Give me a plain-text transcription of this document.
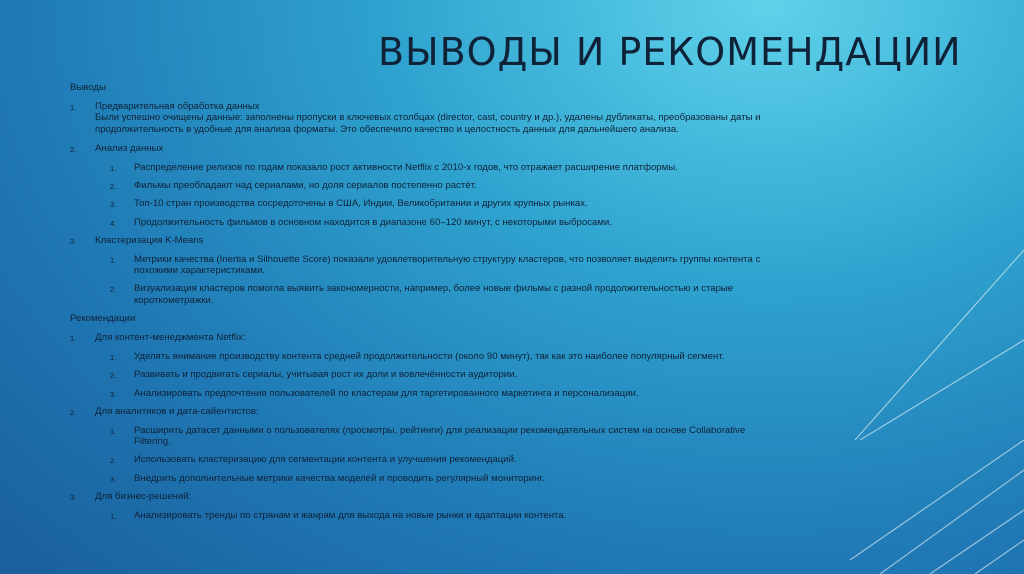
ВЫВОДЫ И РЕКОМЕНДАЦИИ
Выводы
1. Предварительная обработка данных
Были успешно очищены данные: заполнены пропуски в ключевых столбцах (director, cast, country и др.), удалены дубликаты, преобразованы даты и продолжительность в удобные для анализа форматы. Это обеспечило качество и целостность данных для дальнейшего анализа.
2. Анализ данных
1. Распределение релизов по годам показало рост активности Netflix с 2010-х годов, что отражает расширение платформы.
2. Фильмы преобладают над сериалами, но доля сериалов постепенно растёт.
3. Топ-10 стран производства сосредоточены в США, Индии, Великобритании и других крупных рынках.
4. Продолжительность фильмов в основном находится в диапазоне 60–120 минут, с некоторыми выбросами.
3. Кластеризация K-Means
1. Метрики качества (Inertia и Silhouette Score) показали удовлетворительную структуру кластеров, что позволяет выделить группы контента с похожими характеристиками.
2. Визуализация кластеров помогла выявить закономерности, например, более новые фильмы с разной продолжительностью и старые короткометражки.
Рекомендации
1. Для контент-менеджмента Netflix:
1. Уделять внимание производству контента средней продолжительности (около 90 минут), так как это наиболее популярный сегмент.
2. Развивать и продвигать сериалы, учитывая рост их доли и вовлечённости аудитории.
3. Анализировать предпочтения пользователей по кластерам для таргетированного маркетинга и персонализации.
2. Для аналитиков и дата-сайентистов:
1. Расширить датасет данными о пользователях (просмотры, рейтинги) для реализации рекомендательных систем на основе Collaborative Filtering.
2. Использовать кластеризацию для сегментации контента и улучшения рекомендаций.
3. Внедрить дополнительные метрики качества моделей и проводить регулярный мониторинг.
3. Для бизнес-решений:
1. Анализировать тренды по странам и жанрам для выхода на новые рынки и адаптации контента.
